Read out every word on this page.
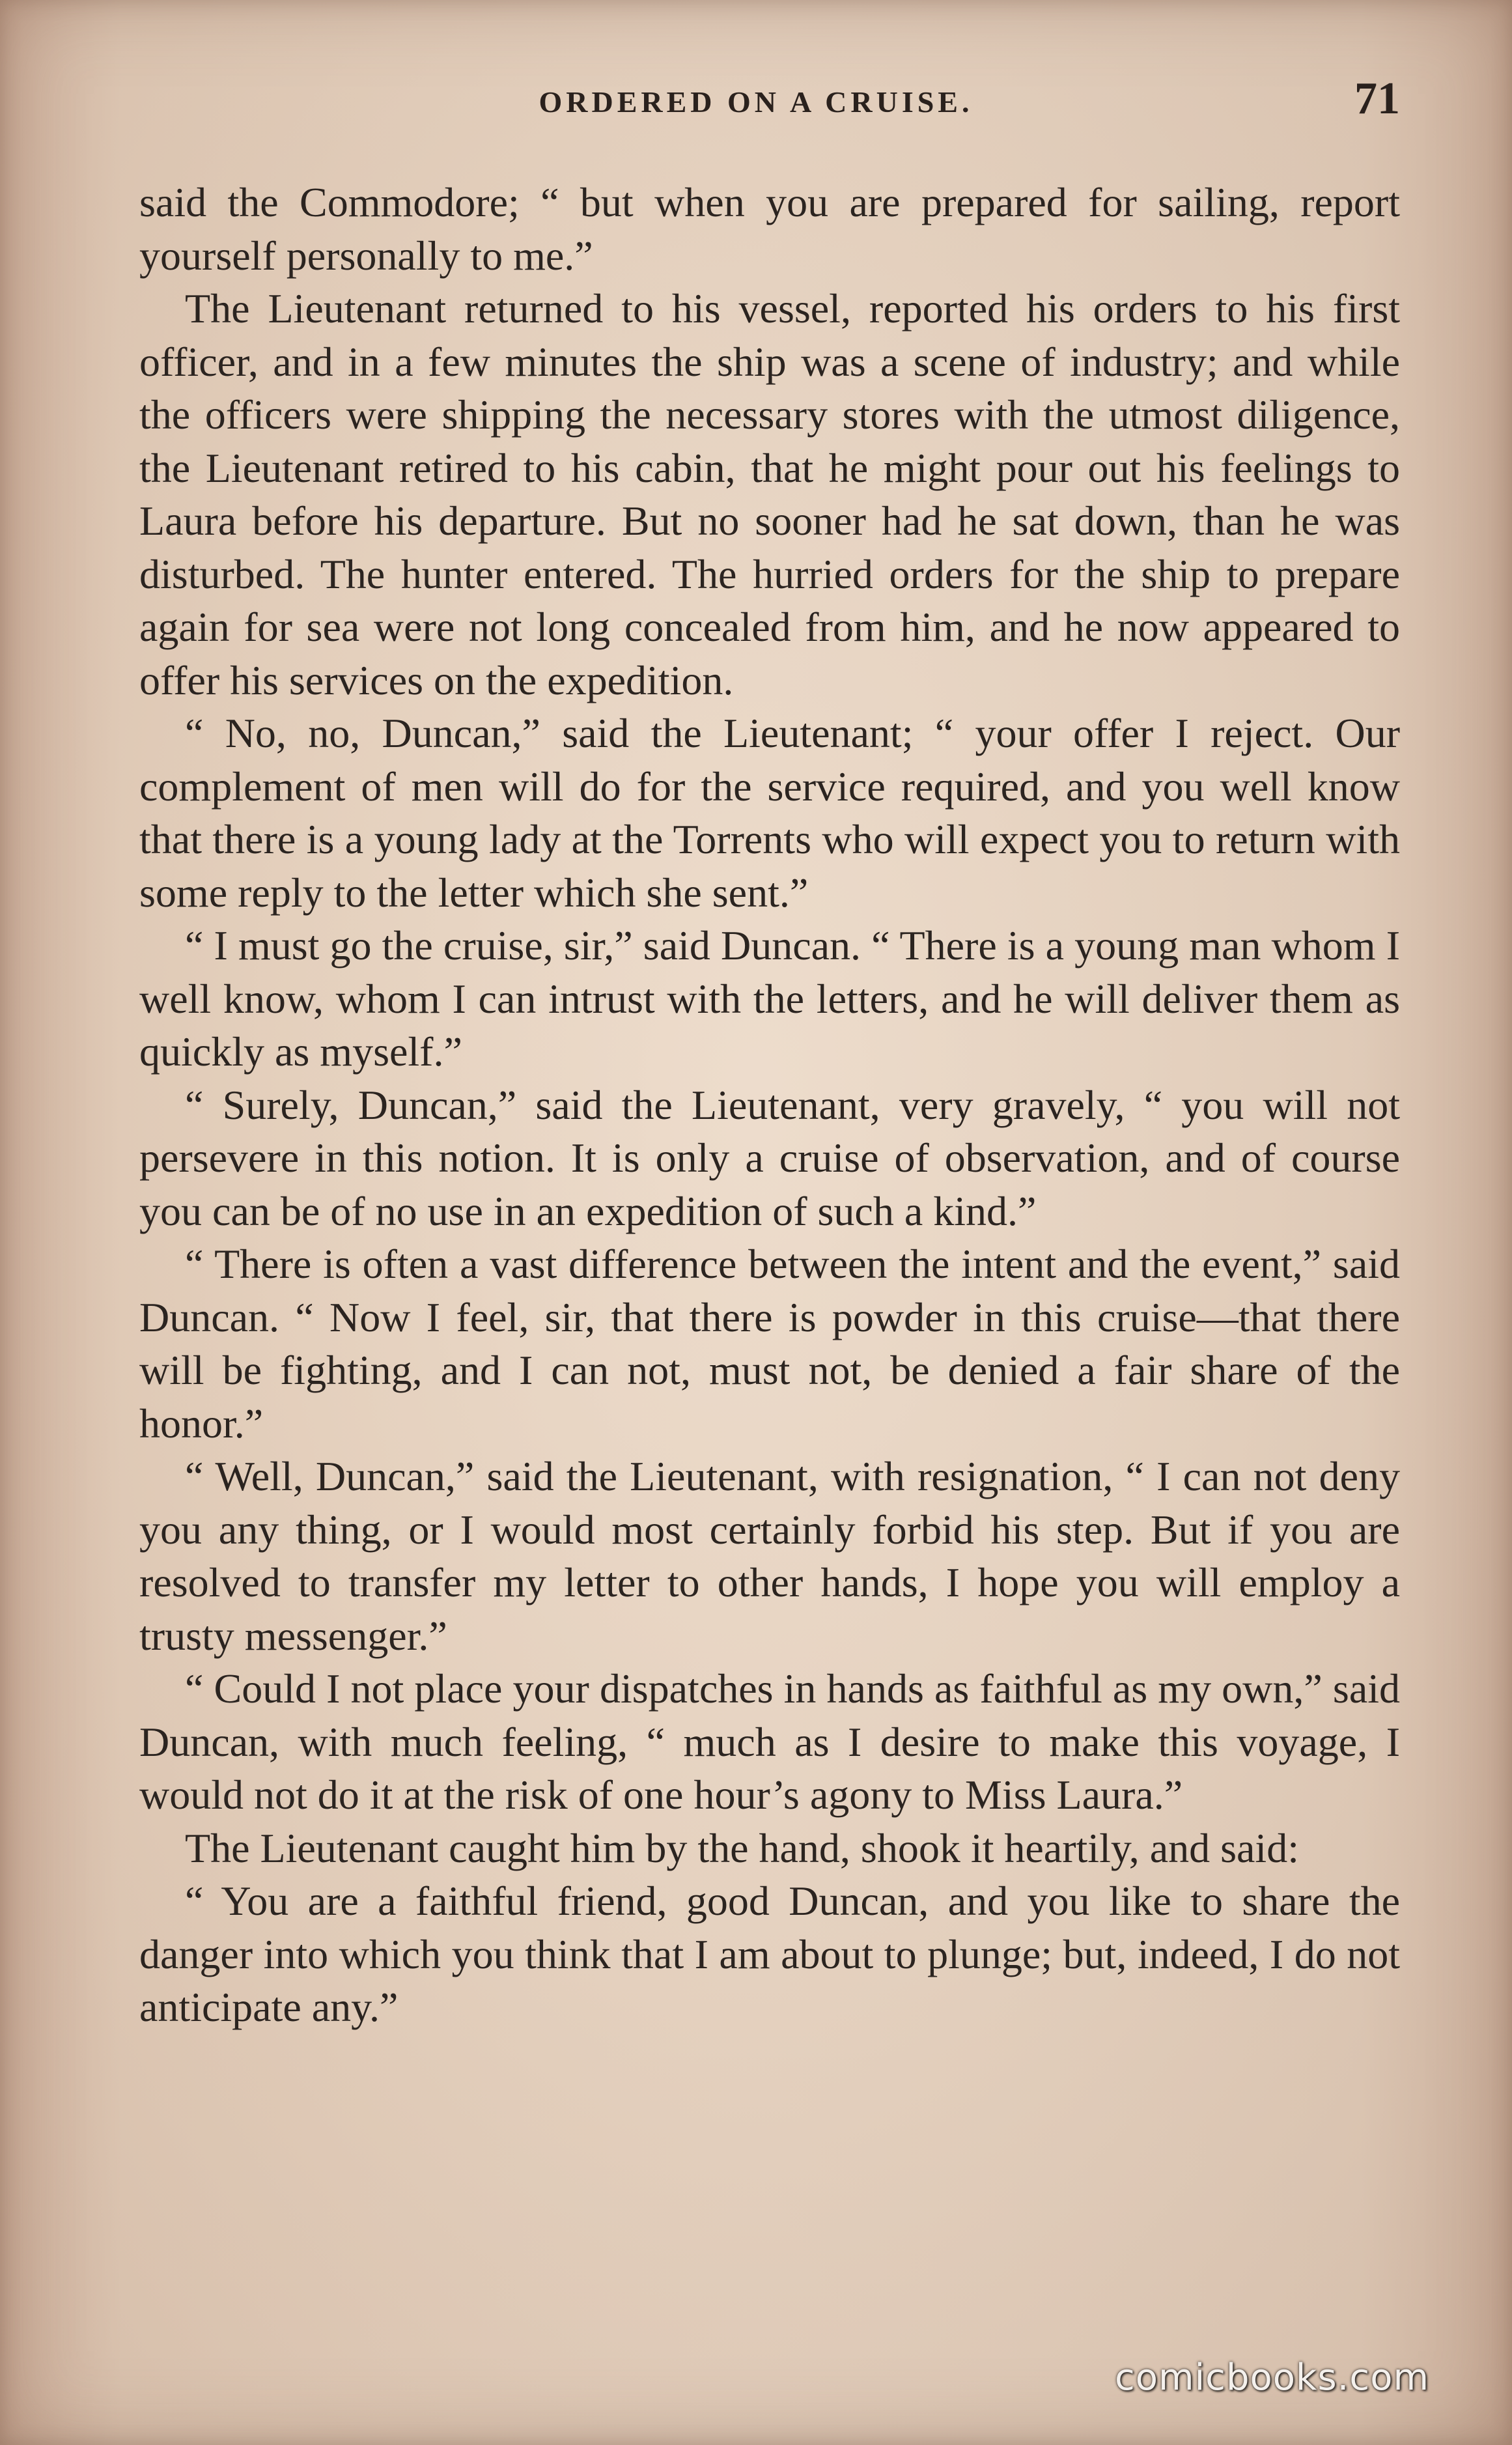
ORDERED ON A CRUISE.	71

said the Commodore; “ but when you are prepared for sailing, report yourself personally to me.”

The Lieutenant returned to his vessel, reported his orders to his first officer, and in a few minutes the ship was a scene of industry; and while the officers were shipping the necessary stores with the utmost diligence, the Lieutenant retired to his cabin, that he might pour out his feelings to Laura before his departure. But no sooner had he sat down, than he was disturbed. The hunter entered. The hurried orders for the ship to prepare again for sea were not long concealed from him, and he now appeared to offer his services on the expedition.

“ No, no, Duncan,” said the Lieutenant; “ your offer I reject. Our complement of men will do for the service required, and you well know that there is a young lady at the Torrents who will expect you to return with some reply to the letter which she sent.”

“ I must go the cruise, sir,” said Duncan. “ There is a young man whom I well know, whom I can intrust with the letters, and he will deliver them as quickly as myself.”

“ Surely, Duncan,” said the Lieutenant, very gravely, “ you will not persevere in this notion. It is only a cruise of observation, and of course you can be of no use in an expedition of such a kind.”

“ There is often a vast difference between the intent and the event,” said Duncan. “ Now I feel, sir, that there is powder in this cruise—that there will be fighting, and I can not, must not, be denied a fair share of the honor.”

“ Well, Duncan,” said the Lieutenant, with resignation, “ I can not deny you any thing, or I would most certainly forbid his step. But if you are resolved to transfer my letter to other hands, I hope you will employ a trusty messenger.”

“ Could I not place your dispatches in hands as faithful as my own,” said Duncan, with much feeling, “ much as I desire to make this voyage, I would not do it at the risk of one hour’s agony to Miss Laura.”

The Lieutenant caught him by the hand, shook it heartily, and said:

“ You are a faithful friend, good Duncan, and you like to share the danger into which you think that I am about to plunge; but, indeed, I do not anticipate any.”

comicbooks.com
